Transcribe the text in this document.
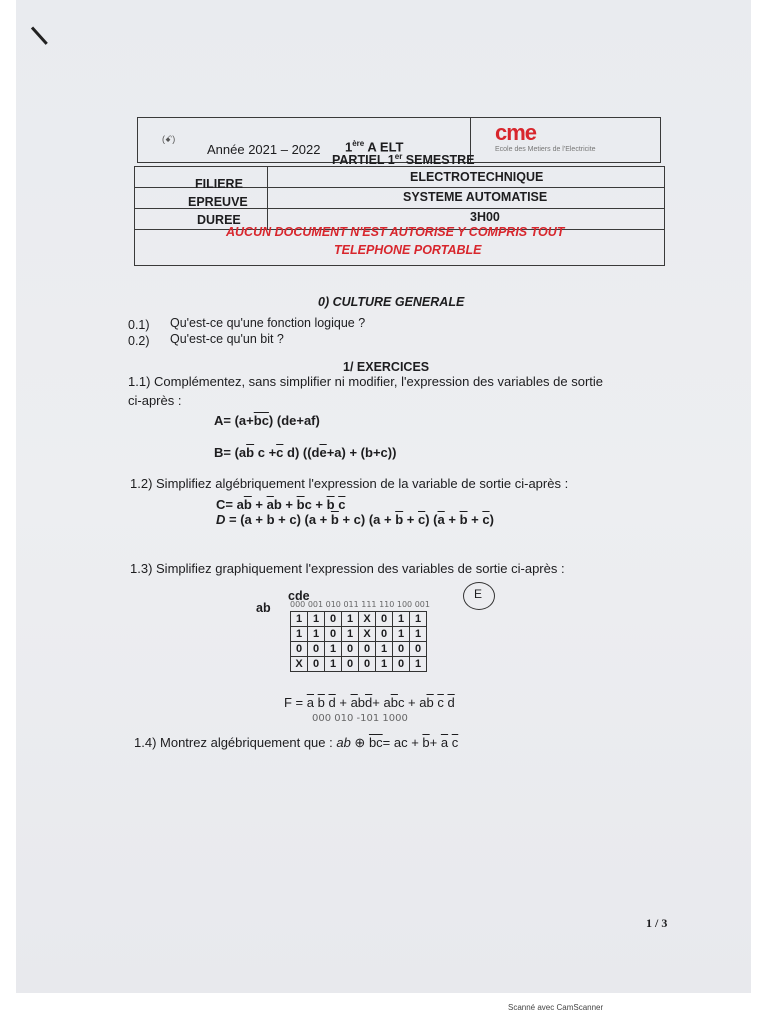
(ꗃ)
Année 2021 – 2022 1ère A ELT
cme
Ecole des Metiers de l'Electricite
PARTIEL 1er SEMESTRE
FILIERE	ELECTROTECHNIQUE
EPREUVE	SYSTEME AUTOMATISE
DUREE	3H00
AUCUN DOCUMENT N'EST AUTORISE Y COMPRIS TOUT
TELEPHONE PORTABLE
0) CULTURE GENERALE
0.1) Qu'est-ce qu'une fonction logique ?
0.2) Qu'est-ce qu'un bit ?
1/ EXERCICES
1.1) Complémentez, sans simplifier ni modifier, l'expression des variables de sortie
ci-après :
$A= (a+\overline{bc})$ (de+af)
$B= (a\overline{b}$ $c +\overline{c}$ d) $((d\overline{e}+a) + (b+c))$
1.2) Simplifiez algébriquement l'expression de la variable de sortie ci-après :
$C= a\overline{b} + \overline{a}b + \overline{b}c + \overline{b}$ $\overline{c}$
D = (a + b + c) $(a + \overline{b} + c)$ $(a + \overline{b} + \overline{c})$ $(\overline{a} + \overline{b} + \overline{c})$
1.3) Simplifiez graphiquement l'expression des variables de sortie ci-après :
cde
ab 000 001 010 011 111 110 100 001
E
1	1	0	1	X	0	1	1
1	1	0	1	X	0	1	1
0	0	1	0	0	1	0	0
X	0	1	0	0	1	0	1
$F = \overline{a}$ $\overline{b}$ $\overline{d} + \overline{a}b\overline{d}+ a\overline{b}c + a\overline{b}$ $\overline{c}$ $\overline{d}$
000 010 -101 1000
1.4) Montrez algébriquement que : ab ⊕ $\overline{bc}=$ ac + $\overline{b}+ \overline{a}$ $\overline{c}$
1 / 3
Scanné avec CamScanner
